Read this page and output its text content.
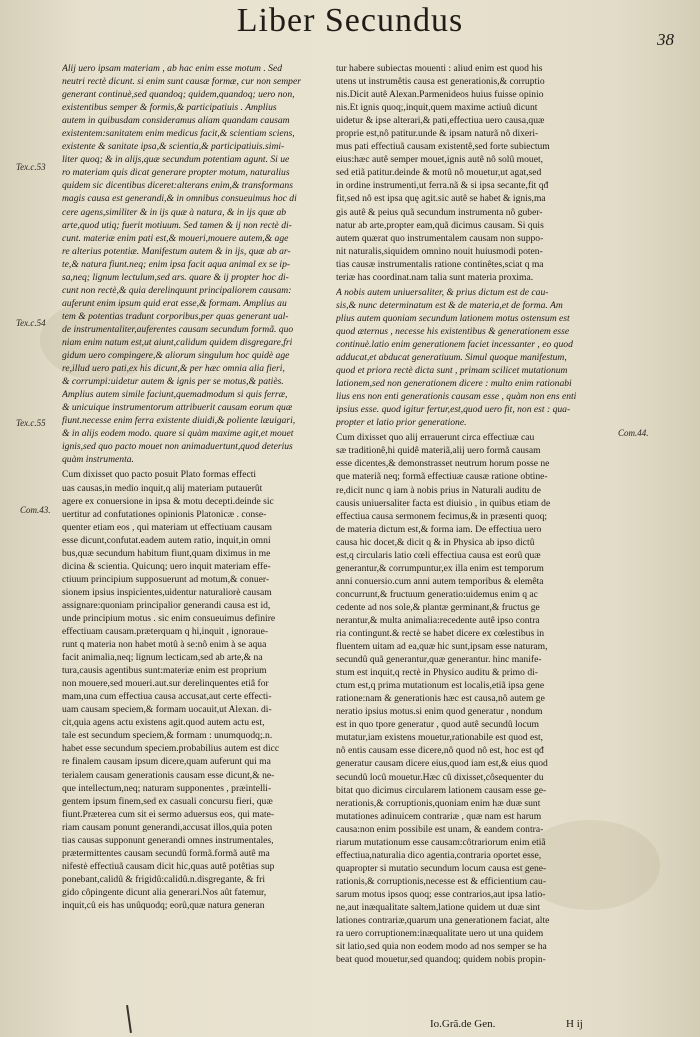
Liber Secundus
38
Tex.c.53
Tex.c.54
Tex.c.55
Com.43.
Com.44.
Alij uero ipsam materiam , ab hac enim esse motum . Sed
neutri rectè dicunt. si enim sunt causæ formæ, cur non semper
generant continuè,sed quandoq; quidem,quandoq; uero non,
existentibus semper & formis,& participatiuis . Amplius
autem in quibusdam consideramus aliam quandam causam
existentem:sanitatem enim medicus facit,& scientiam sciens,
existente & sanitate ipsa,& scientia,& participatiuis.simi-
liter quoq; & in alijs,quæ secundum potentiam agunt. Si ue
ro materiam quis dicat generare propter motum, naturalius
quidem sic dicentibus diceret:alterans enim,& transformans
magis causa est generandi,& in omnibus consueuimus hoc di
cere agens,similiter & in ijs quæ à natura, & in ijs quæ ab
arte,quod utiq; fuerit motiuum. Sed tamen & ij non rectè di-
cunt. materiæ enim pati est,& moueri,mouere autem,& age
re alterius potentiæ. Manifestum autem & in ijs, quæ ab ar-
te,& natura fiunt.neq; enim ipsa facit aqua animal ex se ip-
sa,neq; lignum lectulum,sed ars. quare & ij propter hoc di-
cunt non rectè,& quia derelinquunt principaliorem causam:
auferunt enim ipsum quid erat esse,& formam. Amplius au
tem & potentias tradunt corporibus,per quas generant ual-
de instrumentaliter,auferentes causam secundum formã. quo
niam enim natum est,ut aiunt,calidum quidem disgregare,fri
gidum uero compingere,& aliorum singulum hoc quidè age
re,illud uero pati,ex his dicunt,& per hæc omnia alia fieri,
& corrumpi:uidetur autem & ignis per se motus,& patiès.
Amplius autem simile faciunt,quemadmodum si quis ferræ,
& unicuique instrumentorum attribuerit causam eorum quæ
fiunt.necesse enim ferra existente diuidi,& poliente læuigari,
& in alijs eodem modo. quare si quàm maxime agit,et mouet
ignis,sed quo pacto mouet non animaduertunt,quod deterius
quàm instrumenta.
Cum dixisset quo pacto posuit Plato formas effecti
uas causas,in medio inquit,q alij materiam putauerût
agere ex conuersione in ipsa & motu decepti.deinde sic
uertitur ad confutationes opinionis Platonicæ . conse-
quenter etiam eos , qui materiam ut effectiuam causam
esse dicunt,confutat.eadem autem ratio, inquit,in omni
bus,quæ secundum habitum fiunt,quam diximus in me
dicina & scientia. Quicunq; uero inquit materiam effe-
ctiuum principium supposuerunt ad motum,& conuer-
sionem ipsius inspicientes,uidentur naturaliorè causam
assignare:quoniam principalior generandi causa est id,
unde principium motus . sic enim consueuimus definire
effectiuam causam.præterquam q hi,inquit , ignoraue-
runt q materia non habet motû à se:nô enim à se aqua
facit animalia,neq; lignum lecticam,sed ab arte,& na
tura,causis agentibus sunt:materiæ enim est proprium
non mouere,sed moueri.aut.sur derelinquentes etiâ for
mam,una cum effectiua causa accusat,aut certe effecti-
uam causam speciem,& formam uocauit,ut Alexan. di-
cit,quia agens actu existens agit.quod autem actu est,
tale est secundum speciem,& formam : unumquodq;.n.
habet esse secundum speciem.probabilius autem est dicc
re finalem causam ipsum dicere,quam auferunt qui ma
terialem causam generationis causam esse dicunt,& ne-
que intellectum,neq; naturam supponentes , præintelli-
gentem ipsum finem,sed ex casuali concursu fieri, quæ
fiunt.Præterea cum sit ei sermo aduersus eos, qui mate-
riam causam ponunt generandi,accusat illos,quia poten
tias causas supponunt generandi omnes instrumentales,
prætermittentes causam secundû formã.formã autê ma
nifestè effectiuã causam dicit hic,quas autê potêtias sup
ponebant,calidû & frigidû:calidû.n.disgregante, & fri
gido côpingente dicunt alia generari.Nos aût fatemur,
inquit,cû eis has unûquodq; eorû,quæ natura generan
tur habere subiectas mouenti : aliud enim est quod his
utens ut instrumêtis causa est generationis,& corruptio
nis.Dicit autê Alexan.Parmenideos huius fuisse opinio
nis.Et ignis quoq;,inquit,quem maxime actiuû dicunt
uidetur & ipse alterari,& pati,effectiua uero causa,quæ
proprie est,nô patitur.unde & ipsam naturã nô dixeri-
mus pati effectiuã causam existentê,sed forte subiectum
eius:hæc autê semper mouet,ignis autê nô solû mouet,
sed etiã patitur.deinde & motû nô mouetur,ut agat,sed
in ordine instrumenti,ut ferra.nã & si ipsa secante,fit qđ
fit,sed nô est ipsa quę agit.sic autê se habet & ignis,ma
gis autê & peius quã secundum instrumenta nô guber-
natur ab arte,propter eam,quã dicimus causam. Si quis
autem quærat quo instrumentalem causam non suppo-
nit naturalis,siquidem omnino nouit huiusmodi poten-
tias causæ instrumentalis ratione continêtes,sciat q ma
teriæ has coordinat.nam talia sunt materia proxima.
A nobis autem uniuersaliter, & prius dictum est de cau-
sis,& nunc determinatum est & de materia,et de forma. Am
plius autem quoniam secundum lationem motus ostensum est
quod æternus , necesse his existentibus & generationem esse
continuè.latio enim generationem faciet incessanter , eo quod
adducat,et abducat generatiuum. Simul quoque manifestum,
quod et priora rectè dicta sunt , primam scilicet mutationum
lationem,sed non generationem dicere : multo enim rationabi
lius ens non enti generationis causam esse , quàm non ens enti
ipsius esse. quod igitur fertur,est,quod uero fit, non est : qua-
propter et latio prior generatione.
Cum dixisset quo alij errauerunt circa effectiuæ cau
sæ traditionê,hi quidê materiã,alij uero formã causam
esse dicentes,& demonstrasset neutrum horum posse ne
que materiã neq; formã effectiuæ causæ ratione obtine-
re,dicit nunc q iam à nobis prius in Naturali auditu de
causis uniuersaliter facta est diuisio , in quibus etiam de
effectiua causa sermonem fecimus,& in præsenti quoq;
de materia dictum est,& forma iam. De effectiua uero
causa hic docet,& dicit q & in Physica ab ipso dictû
est,q circularis latio cœli effectiua causa est eorû quæ
generantur,& corrumpuntur,ex illa enim est temporum
anni conuersio.cum anni autem temporibus & elemêta
concurrunt,& fructuum generatio:uidemus enim q ac
cedente ad nos sole,& plantæ germinant,& fructus ge
nerantur,& multa animalia:recedente autê ipso contra
ria contingunt.& rectè se habet dicere ex cœlestibus in
fluentem uitam ad ea,quæ hic sunt,ipsam esse naturam,
secundû quã generantur,quæ generantur. hinc manife-
stum est inquit,q rectè in Physico auditu & primo di-
ctum est,q prima mutationum est localis,etiã ipsa gene
ratione:nam & generationis hæc est causa,nô autem ge
neratio ipsius motus.si enim quod generatur , nondum
est in quo tpore generatur , quod autê secundû locum
mutatur,iam existens mouetur,rationabile est quod est,
nô entis causam esse dicere,nô quod nô est, hoc est qđ
generatur causam dicere eius,quod iam est,& eius quod
secundû locû mouetur.Hæc cû dixisset,côsequenter du
bitat quo dicimus circularem lationem causam esse ge-
nerationis,& corruptionis,quoniam enim hæ duæ sunt
mutationes adinuicem contrariæ , quæ nam est harum
causa:non enim possibile est unam, & eandem contra-
riarum mutationum esse causam:côtrariorum enim etiã
effectiua,naturalia dico agentia,contraria oportet esse,
quapropter si mutatio secundum locum causa est gene-
rationis,& corruptionis,necesse est & efficientium cau-
sarum motus ipsos quoq; esse contrarios,aut ipsa latio-
ne,aut inæqualitate saltem,latione quidem ut duæ sint
lationes contrariæ,quarum una generationem faciat, alte
ra uero corruptionem:inæqualitate uero ut una quidem
sit latio,sed quia non eodem modo ad nos semper se ha
beat quod mouetur,sed quandoq; quidem nobis propin-
Io.Grã.de Gen.	H ij
